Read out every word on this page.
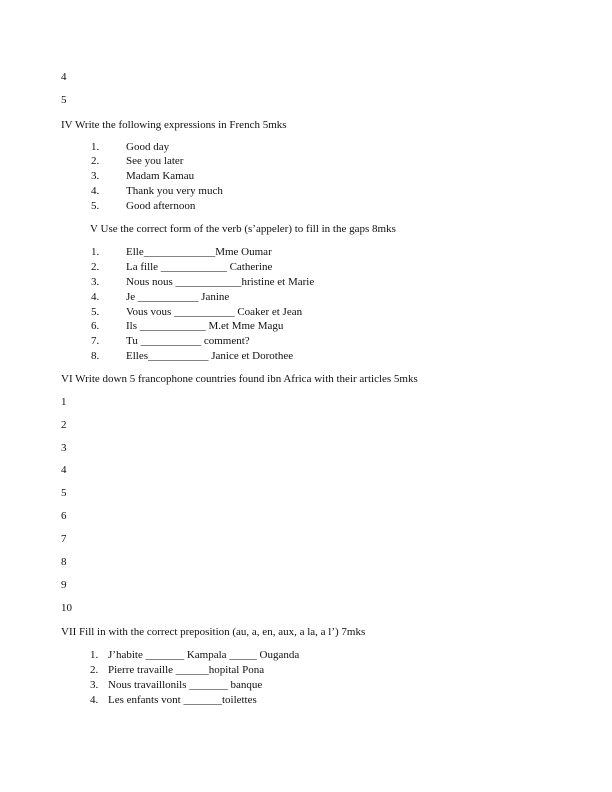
4
5
IV Write the following expressions in French 5mks
1. Good day
2. See you later
3. Madam Kamau
4. Thank you very much
5. Good afternoon
V Use the correct form of the verb (s’appeler) to fill in the gaps 8mks
1. Elle_____________Mme Oumar
2. La fille ____________ Catherine
3. Nous nous ____________hristine et Marie
4. Je ___________ Janine
5. Vous vous ___________ Coaker et Jean
6. Ils ____________ M.et Mme Magu
7. Tu ___________ comment?
8. Elles___________ Janice et Dorothee
VI Write down 5 francophone countries found ibn Africa with their articles 5mks
1
2
3
4
5
6
7
8
9
10
VII Fill in with the correct preposition (au, a, en, aux, a la, a l’) 7mks
1. J’habite _______ Kampala _____ Ouganda
2. Pierre travaille ______hopital Pona
3. Nous travaillonils _______ banque
4. Les enfants vont _______toilettes
